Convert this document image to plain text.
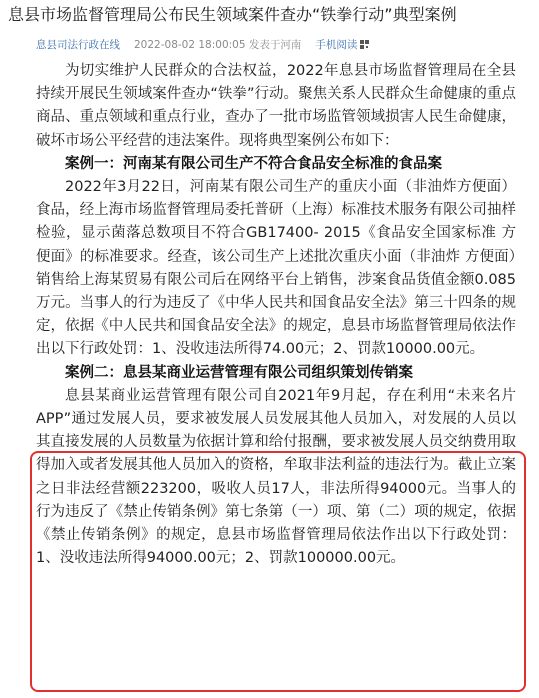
息县市场监督管理局公布民生领域案件查办“铁拳行动”典型案例
息县司法行政在线 2022-08-02 18:00:05 发表于河南 手机阅读

为切实维护人民群众的合法权益，2022年息县市场监督管理局在全县持续开展民生领域案件查办“铁拳”行动。聚焦关系人民群众生命健康的重点商品、重点领域和重点行业，查办了一批市场监管领域损害人民生命健康，破坏市场公平经营的违法案件。现将典型案例公布如下：

案例一：河南某有限公司生产不符合食品安全标准的食品案

2022年3月22日，河南某有限公司生产的重庆小面（非油炸方便面）食品，经上海市场监督管理局委托普研（上海）标准技术服务有限公司抽样检验，显示菌落总数项目不符合GB17400- 2015《食品安全国家标准 方便面》的标准要求。经查，该公司生产上述批次重庆小面（非油炸 方便面）销售给上海某贸易有限公司后在网络平台上销售，涉案食品货值金额0.085万元。当事人的行为违反了《中华人民共和国食品安全法》第三十四条的规定，依据《中人民共和国食品安全法》的规定，息县市场监督管理局依法作出以下行政处罚：1、没收违法所得74.00元；2、罚款10000.00元。

案例二：息县某商业运营管理有限公司组织策划传销案

息县某商业运营管理有限公司自2021年9月起，存在利用“未来名片APP”通过发展人员，要求被发展人员发展其他人员加入，对发展的人员以其直接发展的人员数量为依据计算和给付报酬，要求被发展人员交纳费用取得加入或者发展其他人员加入的资格，牟取非法利益的违法行为。截止立案之日非法经营额223200，吸收人员17人，非法所得94000元。当事人的行为违反了《禁止传销条例》第七条第（一）项、第（二）项的规定，依据《禁止传销条例》的规定，息县市场监督管理局依法作出以下行政处罚：1、没收违法所得94000.00元；2、罚款100000.00元。
